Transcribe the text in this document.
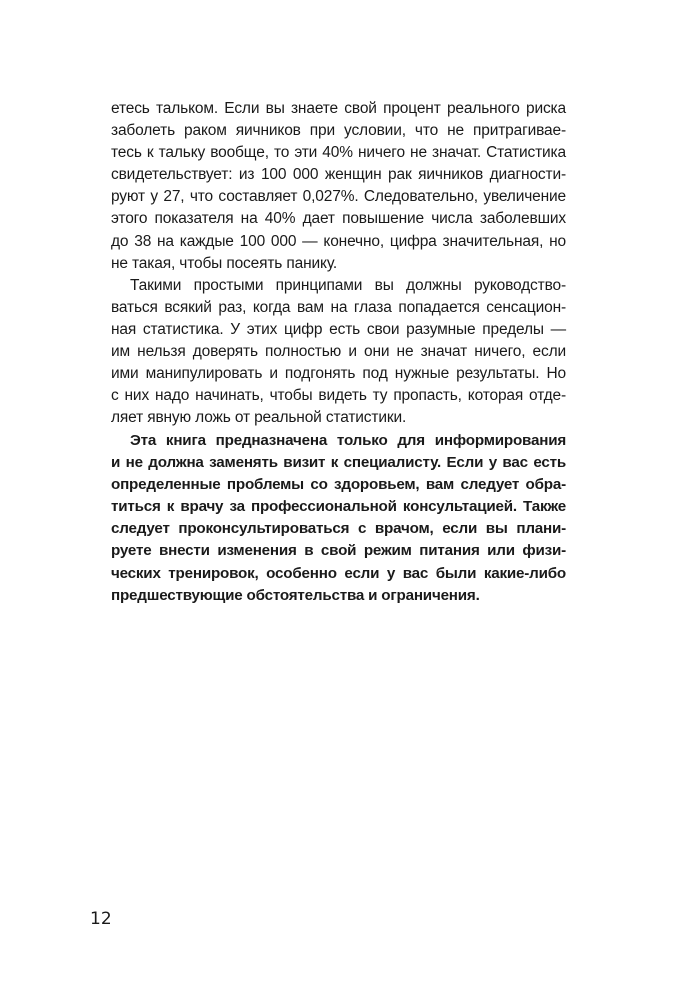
етесь тальком. Если вы знаете свой процент реального риска
заболеть раком яичников при условии, что не притрагивае-
тесь к тальку вообще, то эти 40% ничего не значат. Статистика
свидетельствует: из 100 000 женщин рак яичников диагности-
руют у 27, что составляет 0,027%. Следовательно, увеличение
этого показателя на 40% дает повышение числа заболевших
до 38 на каждые 100 000 — конечно, цифра значительная, но
не такая, чтобы посеять панику.
Такими простыми принципами вы должны руководство-
ваться всякий раз, когда вам на глаза попадается сенсацион-
ная статистика. У этих цифр есть свои разумные пределы —
им нельзя доверять полностью и они не значат ничего, если
ими манипулировать и подгонять под нужные результаты. Но
с них надо начинать, чтобы видеть ту пропасть, которая отде-
ляет явную ложь от реальной статистики.
Эта книга предназначена только для информирования
и не должна заменять визит к специалисту. Если у вас есть
определенные проблемы со здоровьем, вам следует обра-
титься к врачу за профессиональной консультацией. Также
следует проконсультироваться с врачом, если вы плани-
руете внести изменения в свой режим питания или физи-
ческих тренировок, особенно если у вас были какие-либо
предшествующие обстоятельства и ограничения.
12
